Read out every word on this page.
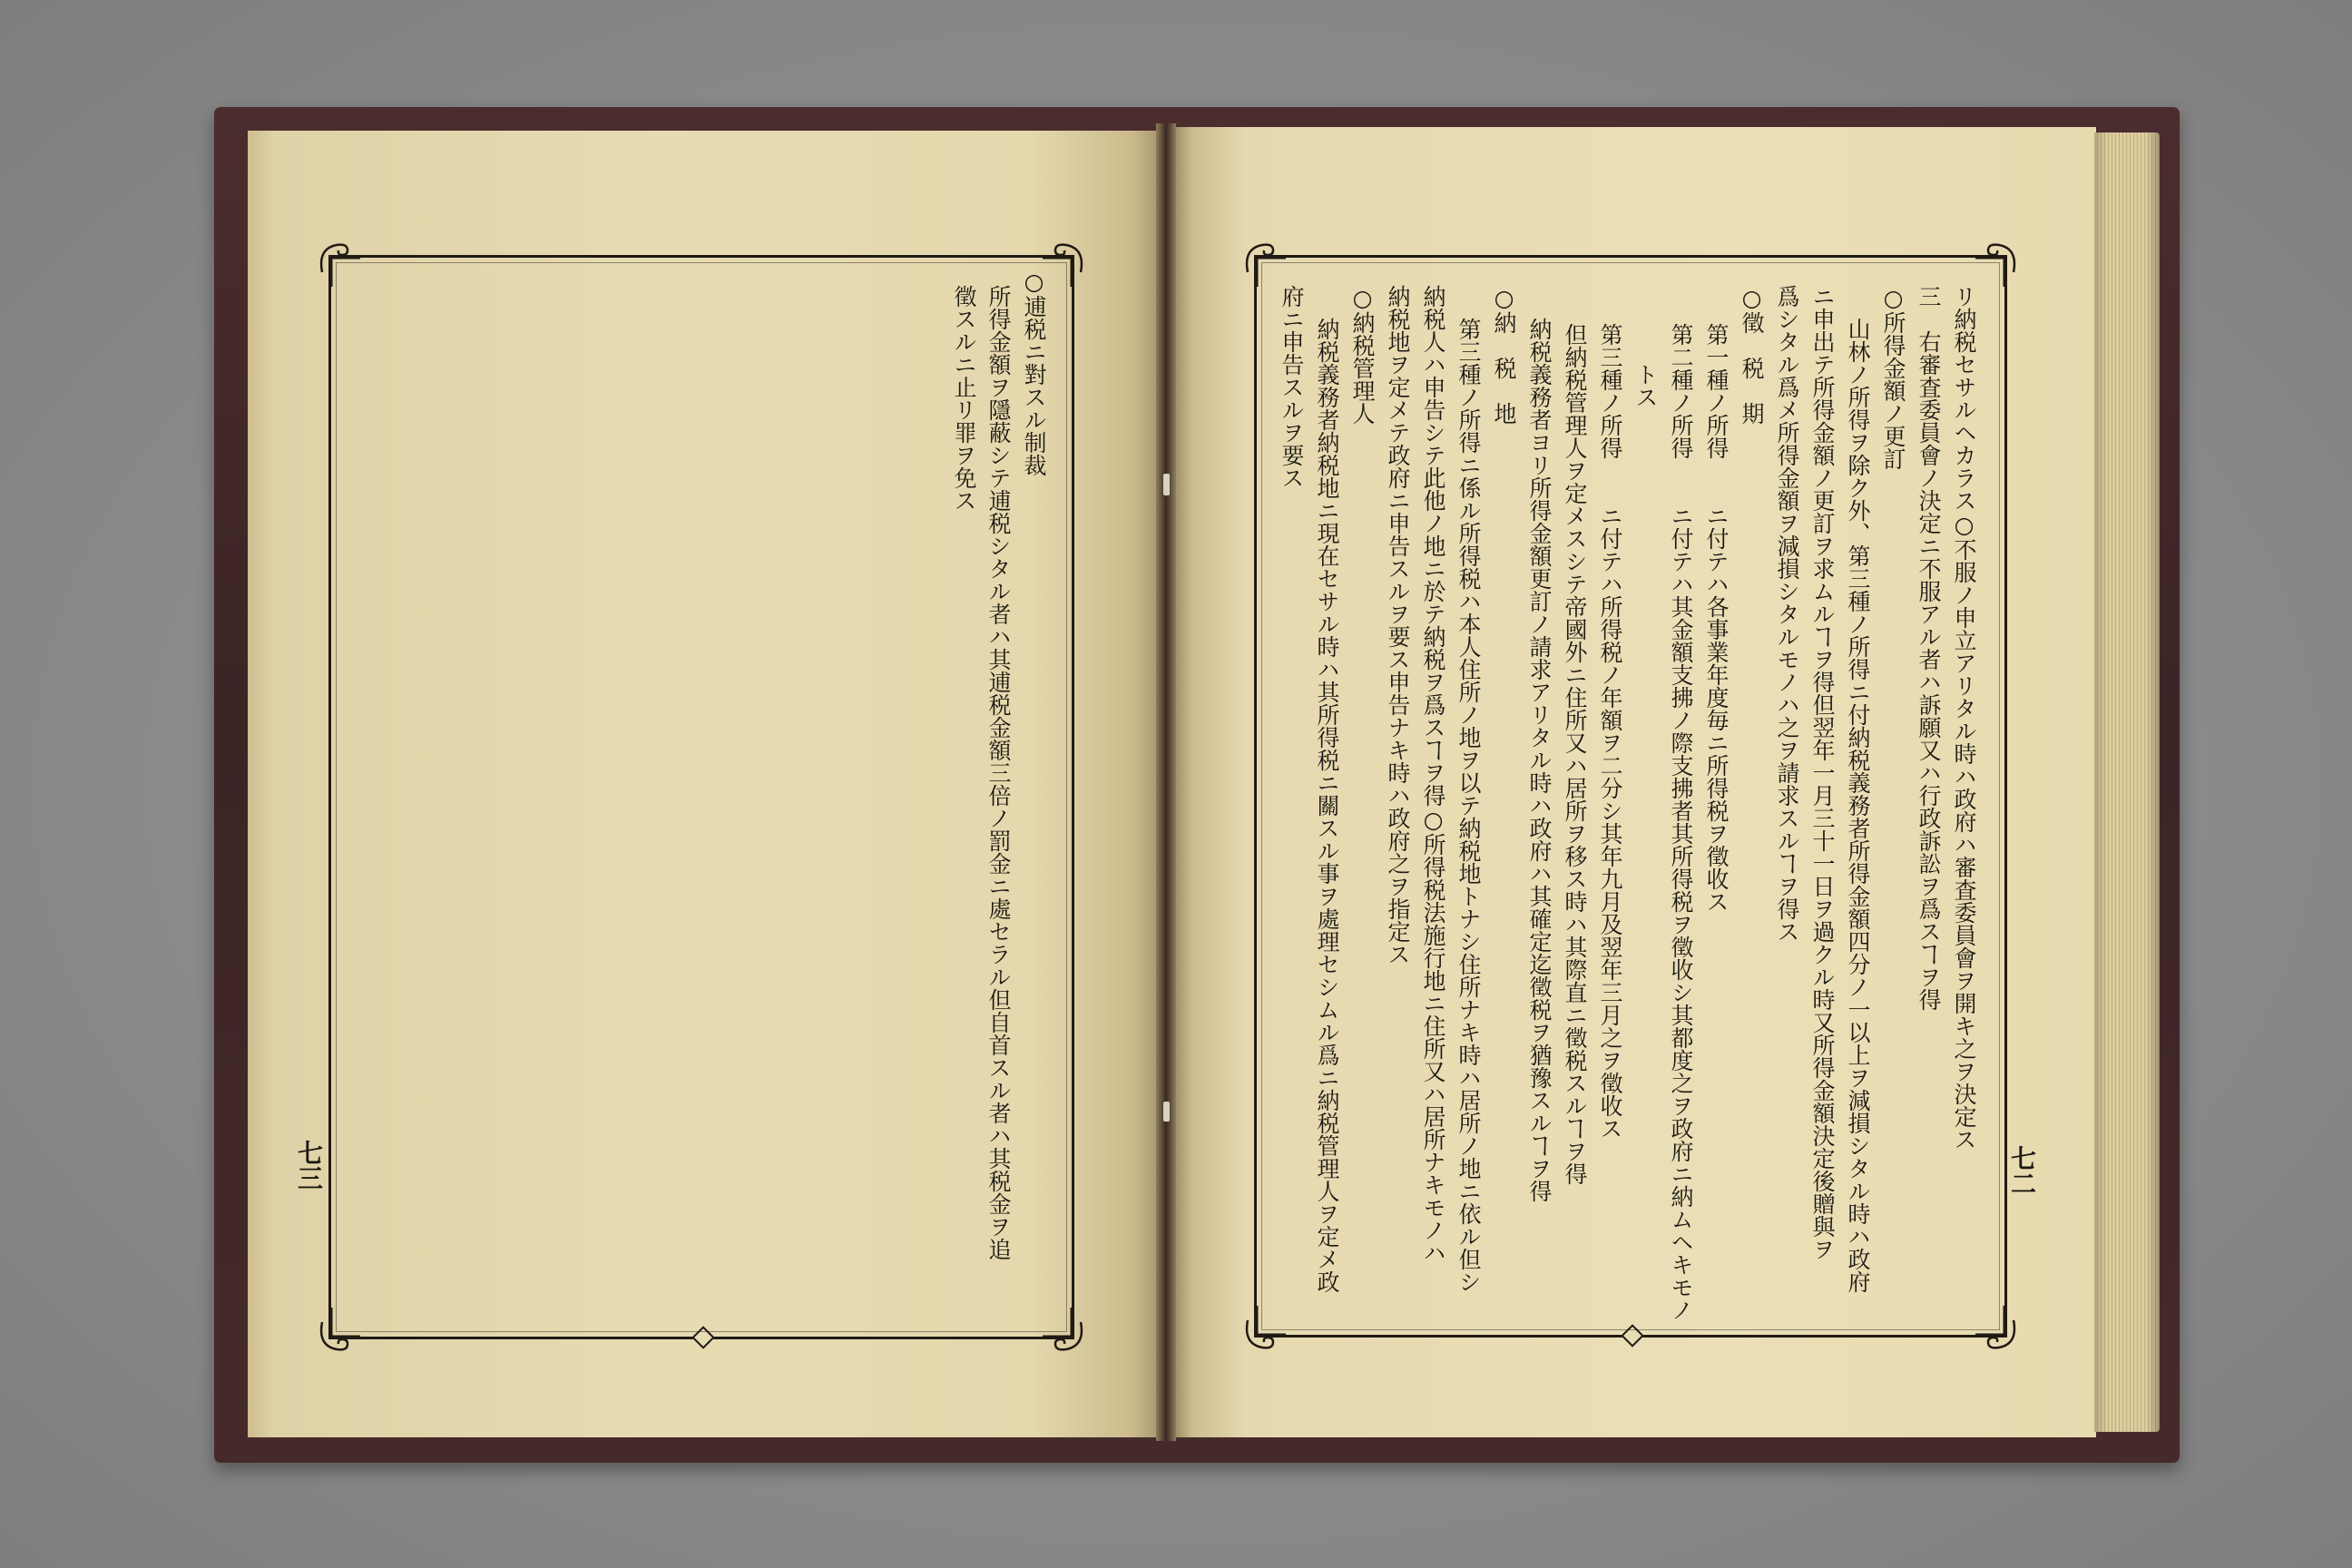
リ納税セサルヘカラス○不服ノ申立アリタル時ハ政府ハ審査委員會ヲ開キ之ヲ決定ス
三　右審査委員會ノ決定ニ不服アル者ハ訴願又ハ行政訴訟ヲ爲スヿヲ得
○所得金額ノ更訂
山林ノ所得ヲ除ク外、第三種ノ所得ニ付納税義務者所得金額四分ノ一以上ヲ減損シタル時ハ政府
ニ申出テ所得金額ノ更訂ヲ求ムルヿヲ得但翌年一月三十一日ヲ過クル時又所得金額決定後贈與ヲ
爲シタル爲メ所得金額ヲ減損シタルモノハ之ヲ請求スルヿヲ得ス
○徵　税　期
第一種ノ所得　　ニ付テハ各事業年度毎ニ所得税ヲ徵收ス
第二種ノ所得　　ニ付テハ其金額支拂ノ際支拂者其所得税ヲ徵收シ其都度之ヲ政府ニ納ムヘキモノ
トス
第三種ノ所得　　ニ付テハ所得税ノ年額ヲ二分シ其年九月及翌年三月之ヲ徵收ス
但納税管理人ヲ定メスシテ帝國外ニ住所又ハ居所ヲ移ス時ハ其際直ニ徵税スルヿヲ得
納税義務者ヨリ所得金額更訂ノ請求アリタル時ハ政府ハ其確定迄徵税ヲ猶豫スルヿヲ得
○納　税　地
第三種ノ所得ニ係ル所得税ハ本人住所ノ地ヲ以テ納税地トナシ住所ナキ時ハ居所ノ地ニ依ル但シ
納税人ハ申告シテ此他ノ地ニ於テ納税ヲ爲スヿヲ得○所得税法施行地ニ住所又ハ居所ナキモノハ
納税地ヲ定メテ政府ニ申告スルヲ要ス申告ナキ時ハ政府之ヲ指定ス
○納税管理人
納税義務者納税地ニ現在セサル時ハ其所得税ニ關スル事ヲ處理セシムル爲ニ納税管理人ヲ定メ政
府ニ申告スルヲ要ス
○逋税ニ對スル制裁
所得金額ヲ隱蔽シテ逋税シタル者ハ其逋税金額三倍ノ罰金ニ處セラル但自首スル者ハ其税金ヲ追
徵スルニ止リ罪ヲ免ス
七三	七二
